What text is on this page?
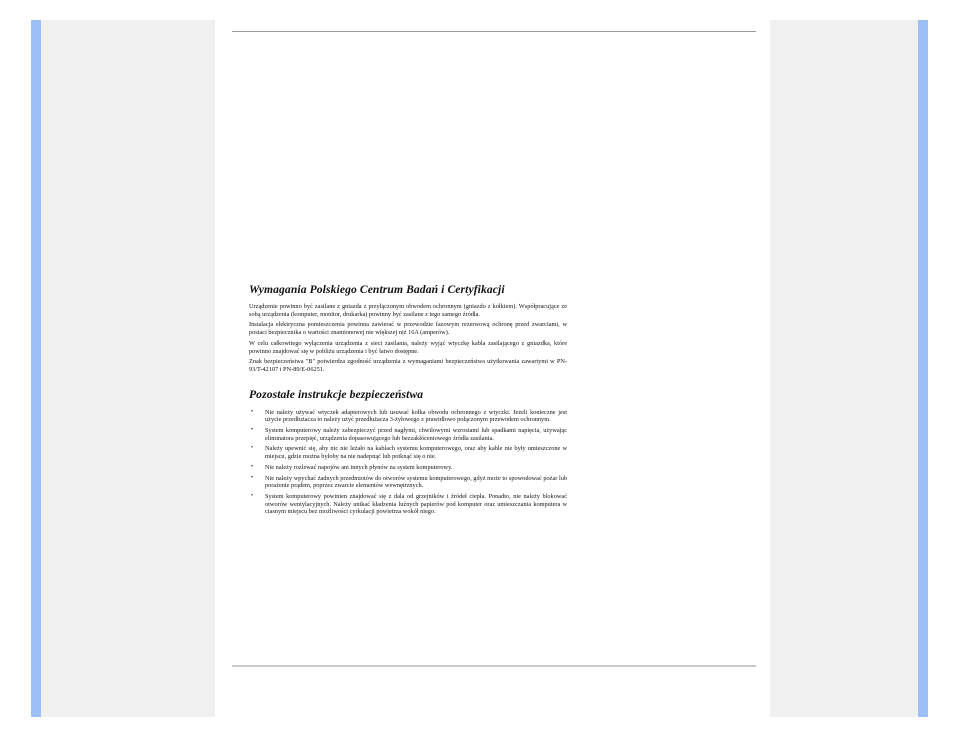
Wymagania Polskiego Centrum Badań i Certyfikacji

Urządzenie powinno być zasilane z gniazda z przyłączonym obwodem ochronnym (gniazdo z kołkiem). Współpracujące ze sobą urządzenia (komputer, monitor, drukarka) powinny być zasilane z tego samego źródła.

Instalacja elektryczna pomieszczenia powinna zawierać w przewodzie fazowym rezerwową ochronę przed zwarciami, w postaci bezpiecznika o wartości znamionowej nie większej niż 16A (amperów).

W celu całkowitego wyłączenia urządzenia z sieci zasilania, należy wyjąć wtyczkę kabla zasilającego z gniazdka, które powinno znajdować się w pobliżu urządzenia i być łatwo dostępne.

Znak bezpieczeństwa "B" potwierdza zgodność urządzenia z wymaganiami bezpieczeństwa użytkowania zawartymi w PN-93/T-42107 i PN-89/E-06251.

Pozostałe instrukcje bezpieczeństwa
• Nie należy używać wtyczek adapterowych lub usuwać kołka obwodu ochronnego z wtyczki. Jeżeli konieczne jest użycie przedłużacza to należy użyć przedłużacza 3-żyłowego z prawidłowo połączonym przewodem ochronnym.
• System komputerowy należy zabezpieczyć przed nagłymi, chwilowymi wzrostami lub spadkami napięcia, używając eliminatora przepięć, urządzenia dopasowującego lub bezzakłóceniowego źródła zasilania.
• Należy upewnić się, aby nic nie leżało na kablach systemu komputerowego, oraz aby kable nie były umieszczone w miejscu, gdzie można byłoby na nie nadepnąć lub potknąć się o nie.
• Nie należy rozlewać napojów ani innych płynów na system komputerowy.
• Nie należy wpychać żadnych przedmiotów do otworów systemu komputerowego, gdyż może to spowodować pożar lub porażenie prądem, poprzez zwarcie elementów wewnętrznych.
• System komputerowy powinien znajdować się z dala od grzejników i źródeł ciepła. Ponadto, nie należy blokować otworów wentylacyjnych. Należy unikać kładzenia luźnych papierów pod komputer oraz umieszczania komputera w ciasnym miejscu bez możliwości cyrkulacji powietrza wokół niego.
